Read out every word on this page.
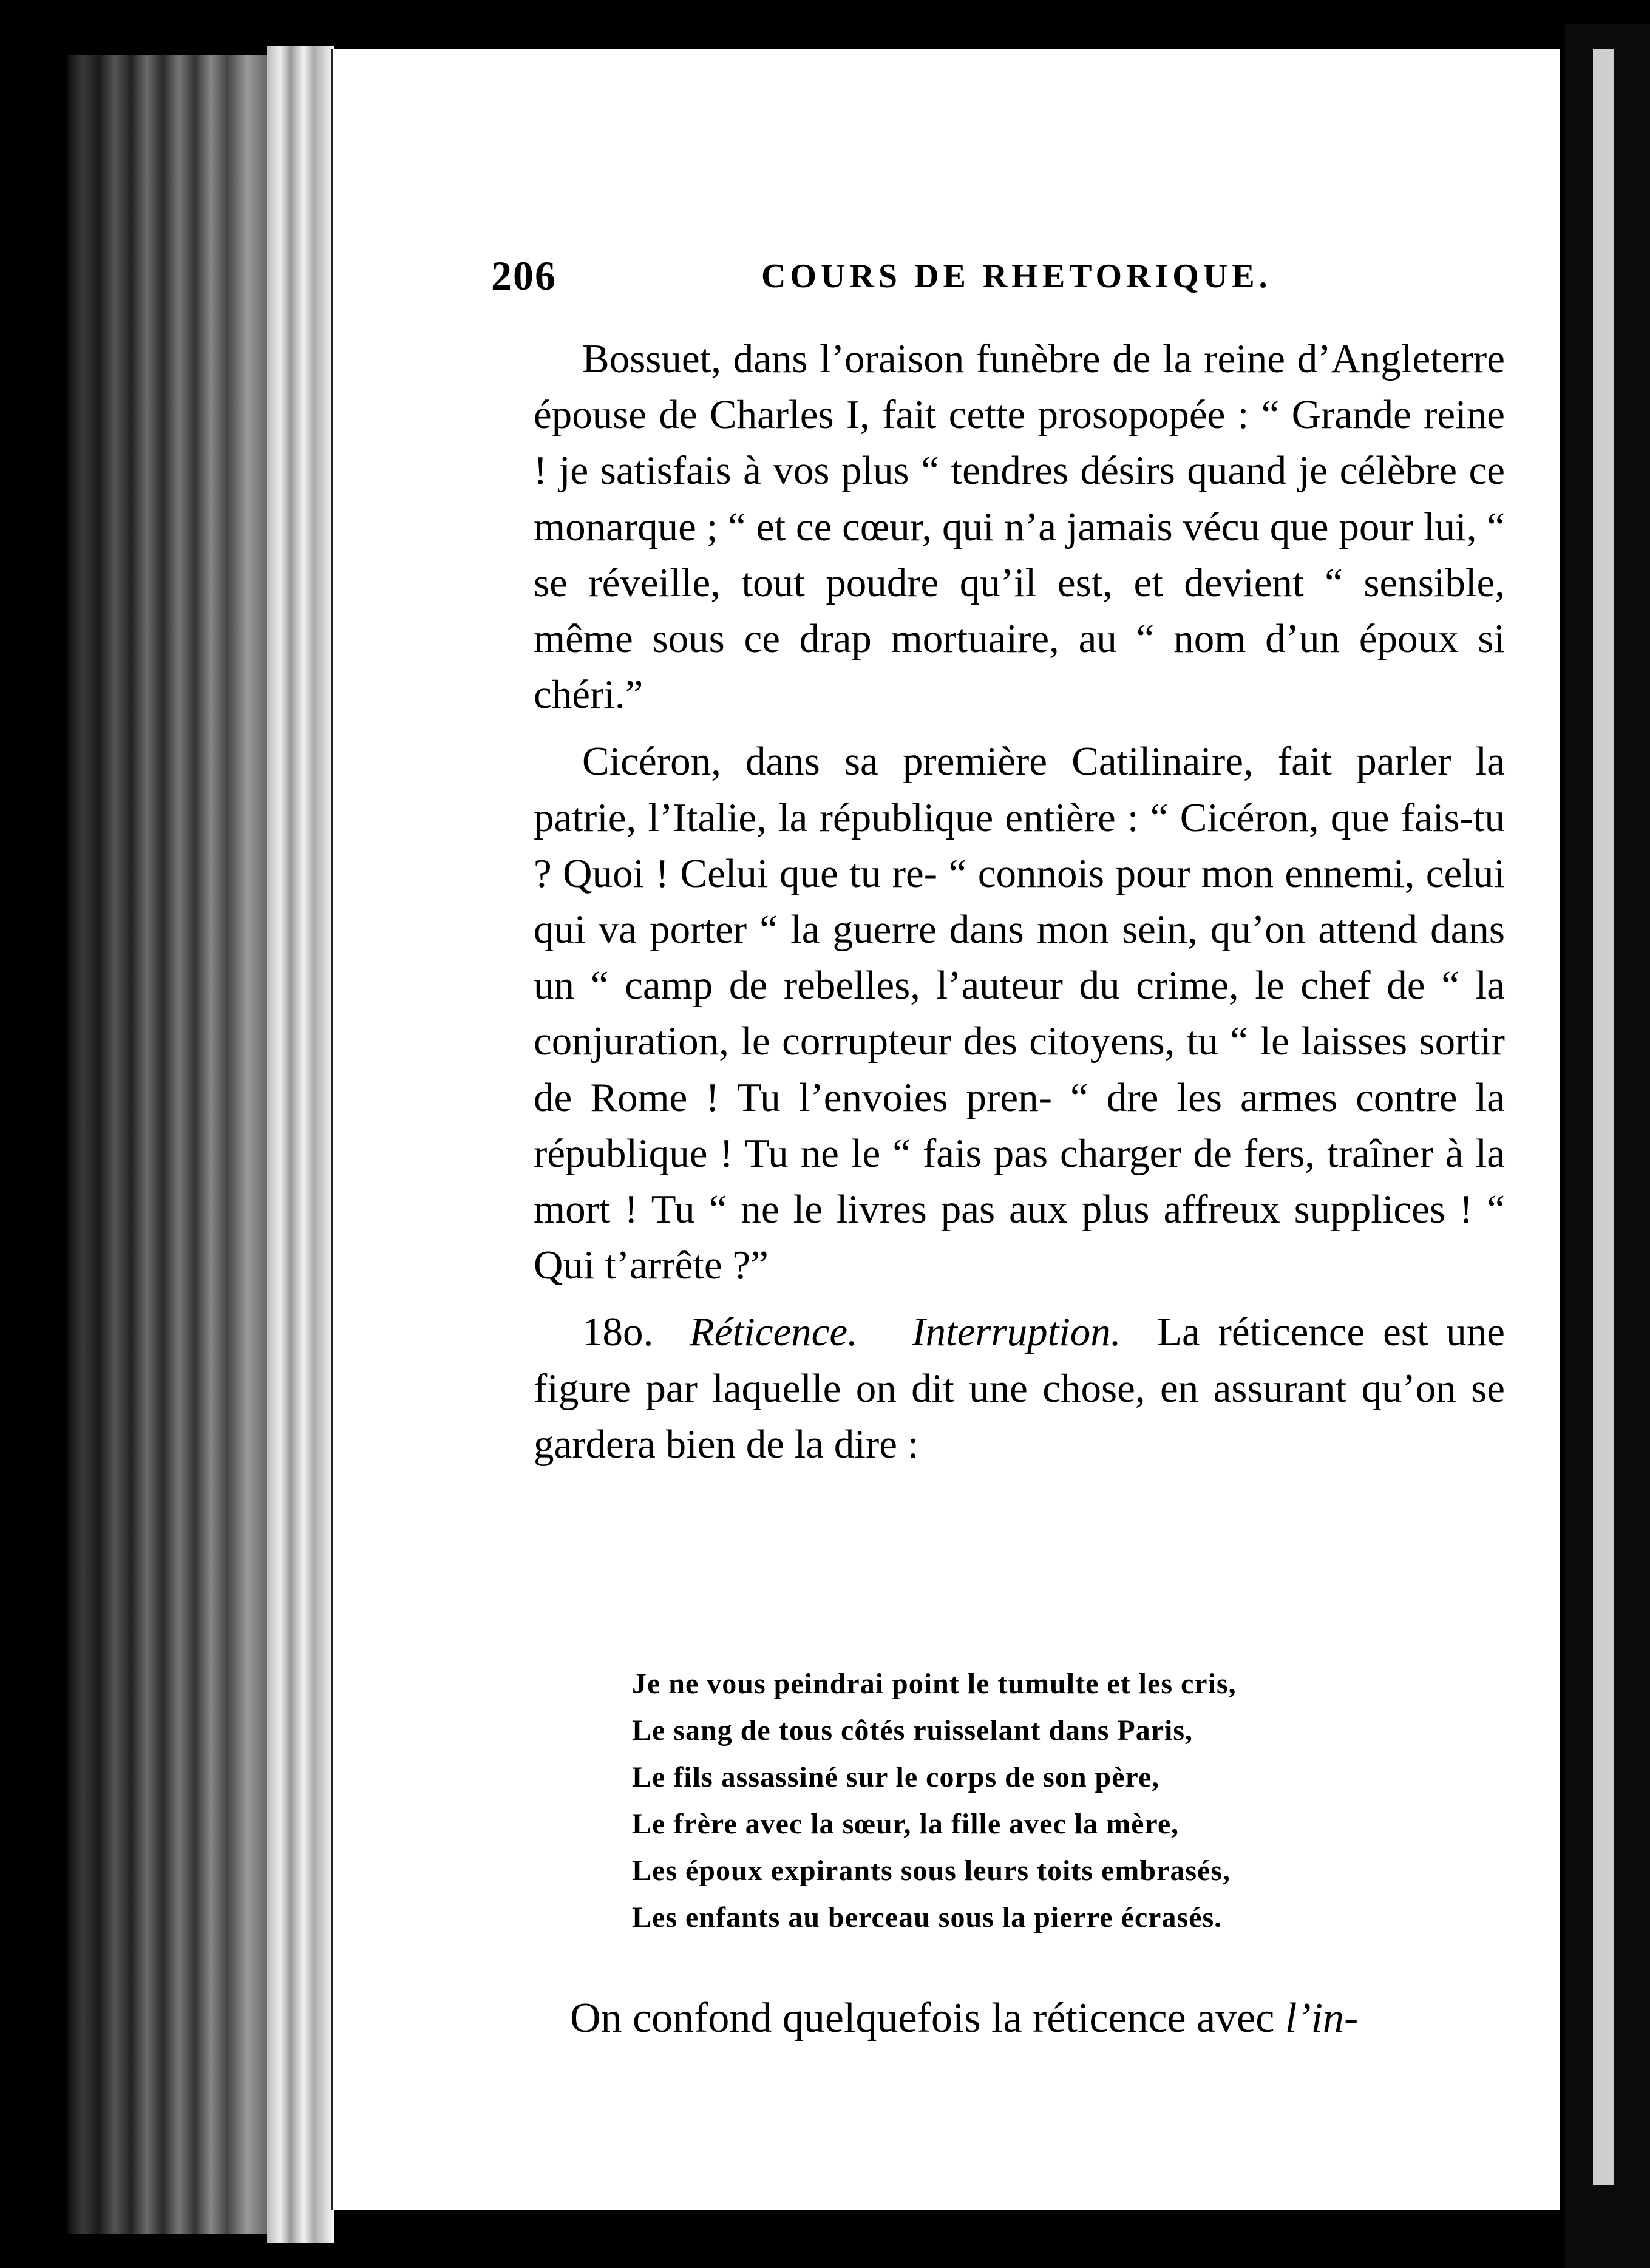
206	COURS DE RHETORIQUE.

Bossuet, dans l’oraison funèbre de la reine d’Angleterre épouse de Charles I, fait cette prosopopée : “ Grande reine ! je satisfais à vos plus “ tendres désirs quand je célèbre ce monarque ; “ et ce cœur, qui n’a jamais vécu que pour lui, “ se réveille, tout poudre qu’il est, et devient “ sensible, même sous ce drap mortuaire, au “ nom d’un époux si chéri.”

Cicéron, dans sa première Catilinaire, fait parler la patrie, l’Italie, la république entière : “ Cicéron, que fais-tu ? Quoi ! Celui que tu re- “ connois pour mon ennemi, celui qui va porter “ la guerre dans mon sein, qu’on attend dans un “ camp de rebelles, l’auteur du crime, le chef de “ la conjuration, le corrupteur des citoyens, tu “ le laisses sortir de Rome ! Tu l’envoies pren- “ dre les armes contre la république ! Tu ne le “ fais pas charger de fers, traîner à la mort ! Tu “ ne le livres pas aux plus affreux supplices ! “ Qui t’arrête ?”

18o. Réticence. Interruption. La réticence est une figure par laquelle on dit une chose, en assurant qu’on se gardera bien de la dire :

Je ne vous peindrai point le tumulte et les cris,

Le sang de tous côtés ruisselant dans Paris,

Le fils assassiné sur le corps de son père,

Le frère avec la sœur, la fille avec la mère,

Les époux expirants sous leurs toits embrasés,

Les enfants au berceau sous la pierre écrasés.

On confond quelquefois la réticence avec l’in-
